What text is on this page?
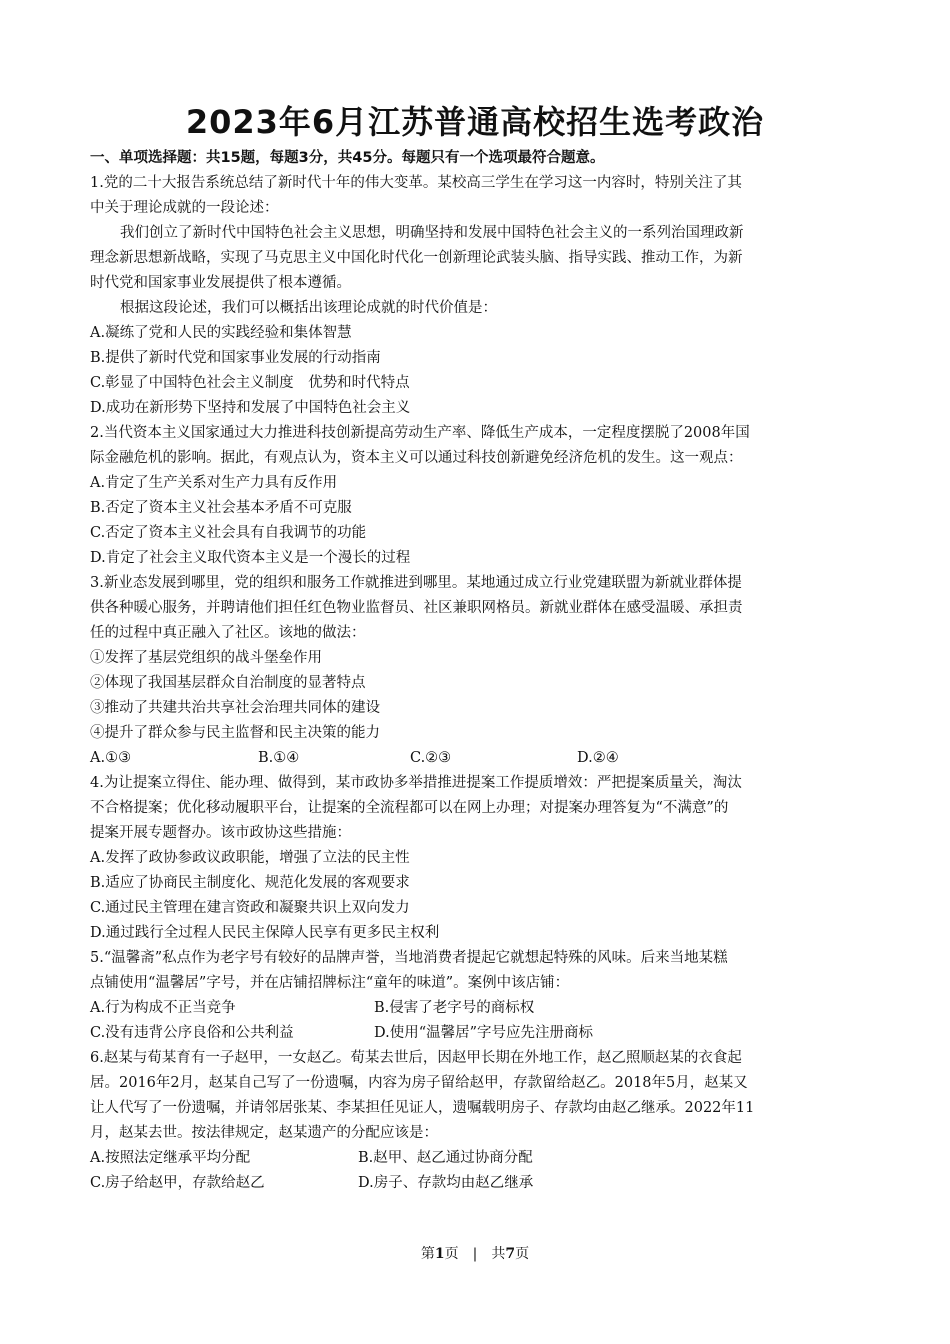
2023年6月江苏普通高校招生选考政治
一、单项选择题：共15题，每题3分，共45分。每题只有一个选项最符合题意。
1.党的二十大报告系统总结了新时代十年的伟大变革。某校高三学生在学习这一内容时，特别关注了其
中关于理论成就的一段论述：
我们创立了新时代中国特色社会主义思想，明确坚持和发展中国特色社会主义的一系列治国理政新
理念新思想新战略，实现了马克思主义中国化时代化一创新理论武装头脑、指导实践、推动工作，为新
时代党和国家事业发展提供了根本遵循。
根据这段论述，我们可以概括出该理论成就的时代价值是：
A.凝练了党和人民的实践经验和集体智慧
B.提供了新时代党和国家事业发展的行动指南
C.彰显了中国特色社会主义制度　优势和时代特点
D.成功在新形势下坚持和发展了中国特色社会主义
2.当代资本主义国家通过大力推进科技创新提高劳动生产率、降低生产成本，一定程度摆脱了2008年国
际金融危机的影响。据此，有观点认为，资本主义可以通过科技创新避免经济危机的发生。这一观点：
A.肯定了生产关系对生产力具有反作用
B.否定了资本主义社会基本矛盾不可克服
C.否定了资本主义社会具有自我调节的功能
D.肯定了社会主义取代资本主义是一个漫长的过程
3.新业态发展到哪里，党的组织和服务工作就推进到哪里。某地通过成立行业党建联盟为新就业群体提
供各种暖心服务，并聘请他们担任红色物业监督员、社区兼职网格员。新就业群体在感受温暖、承担责
任的过程中真正融入了社区。该地的做法：
①发挥了基层党组织的战斗堡垒作用
②体现了我国基层群众自治制度的显著特点
③推动了共建共治共享社会治理共同体的建设
④提升了群众参与民主监督和民主决策的能力
A.①③	B.①④	C.②③	D.②④
4.为让提案立得住、能办理、做得到，某市政协多举措推进提案工作提质增效：严把提案质量关，淘汰
不合格提案；优化移动履职平台，让提案的全流程都可以在网上办理；对提案办理答复为“不满意”的
提案开展专题督办。该市政协这些措施：
A.发挥了政协参政议政职能，增强了立法的民主性
B.适应了协商民主制度化、规范化发展的客观要求
C.通过民主管理在建言资政和凝聚共识上双向发力
D.通过践行全过程人民民主保障人民享有更多民主权利
5.“温馨斋”私点作为老字号有较好的品牌声誉，当地消费者提起它就想起特殊的风味。后来当地某糕
点铺使用“温馨居”字号，并在店铺招牌标注“童年的味道”。案例中该店铺：
A.行为构成不正当竞争	B.侵害了老字号的商标权
C.没有违背公序良俗和公共利益	D.使用“温馨居”字号应先注册商标
6.赵某与荀某育有一子赵甲，一女赵乙。荀某去世后，因赵甲长期在外地工作，赵乙照顺赵某的衣食起
居。2016年2月，赵某自己写了一份遗嘱，内容为房子留给赵甲，存款留给赵乙。2018年5月，赵某又
让人代写了一份遗嘱，并请邻居张某、李某担任见证人，遗嘱载明房子、存款均由赵乙继承。2022年11
月，赵某去世。按法律规定，赵某遗产的分配应该是：
A.按照法定继承平均分配	B.赵甲、赵乙通过协商分配
C.房子给赵甲，存款给赵乙	D.房子、存款均由赵乙继承
第1页　|　共7页
